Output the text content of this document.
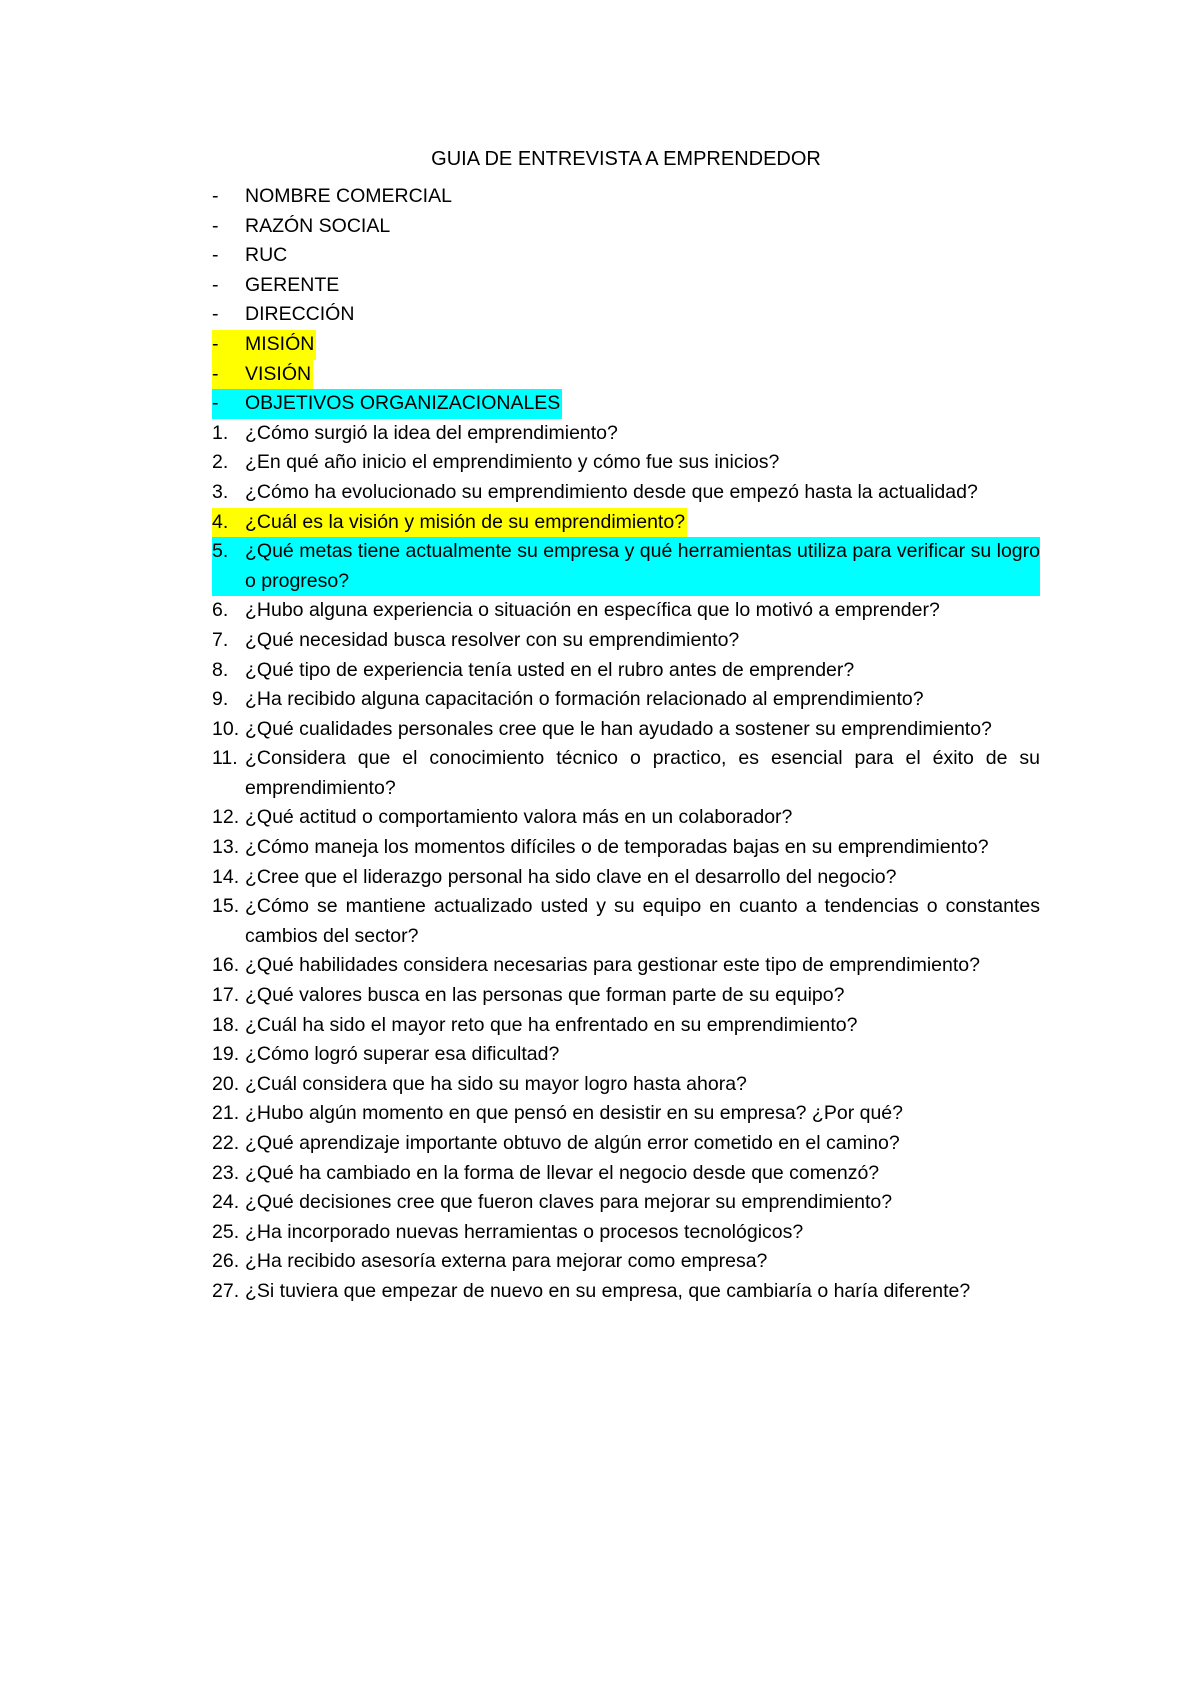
GUIA DE ENTREVISTA A EMPRENDEDOR
-	NOMBRE COMERCIAL
-	RAZÓN SOCIAL
-	RUC
-	GERENTE
-	DIRECCIÓN
-	MISIÓN
-	VISIÓN
-	OBJETIVOS ORGANIZACIONALES
1. ¿Cómo surgió la idea del emprendimiento?
2. ¿En qué año inicio el emprendimiento y cómo fue sus inicios?
3. ¿Cómo ha evolucionado su emprendimiento desde que empezó hasta la actualidad?
4. ¿Cuál es la visión y misión de su emprendimiento?
5. ¿Qué metas tiene actualmente su empresa y qué herramientas utiliza para verificar su logro o progreso?
6. ¿Hubo alguna experiencia o situación en específica que lo motivó a emprender?
7. ¿Qué necesidad busca resolver con su emprendimiento?
8. ¿Qué tipo de experiencia tenía usted en el rubro antes de emprender?
9. ¿Ha recibido alguna capacitación o formación relacionado al emprendimiento?
10. ¿Qué cualidades personales cree que le han ayudado a sostener su emprendimiento?
11. ¿Considera que el conocimiento técnico o practico, es esencial para el éxito de su emprendimiento?
12. ¿Qué actitud o comportamiento valora más en un colaborador?
13. ¿Cómo maneja los momentos difíciles o de temporadas bajas en su emprendimiento?
14. ¿Cree que el liderazgo personal ha sido clave en el desarrollo del negocio?
15. ¿Cómo se mantiene actualizado usted y su equipo en cuanto a tendencias o constantes cambios del sector?
16. ¿Qué habilidades considera necesarias para gestionar este tipo de emprendimiento?
17. ¿Qué valores busca en las personas que forman parte de su equipo?
18. ¿Cuál ha sido el mayor reto que ha enfrentado en su emprendimiento?
19. ¿Cómo logró superar esa dificultad?
20. ¿Cuál considera que ha sido su mayor logro hasta ahora?
21. ¿Hubo algún momento en que pensó en desistir en su empresa? ¿Por qué?
22. ¿Qué aprendizaje importante obtuvo de algún error cometido en el camino?
23. ¿Qué ha cambiado en la forma de llevar el negocio desde que comenzó?
24. ¿Qué decisiones cree que fueron claves para mejorar su emprendimiento?
25. ¿Ha incorporado nuevas herramientas o procesos tecnológicos?
26. ¿Ha recibido asesoría externa para mejorar como empresa?
27. ¿Si tuviera que empezar de nuevo en su empresa, que cambiaría o haría diferente?
